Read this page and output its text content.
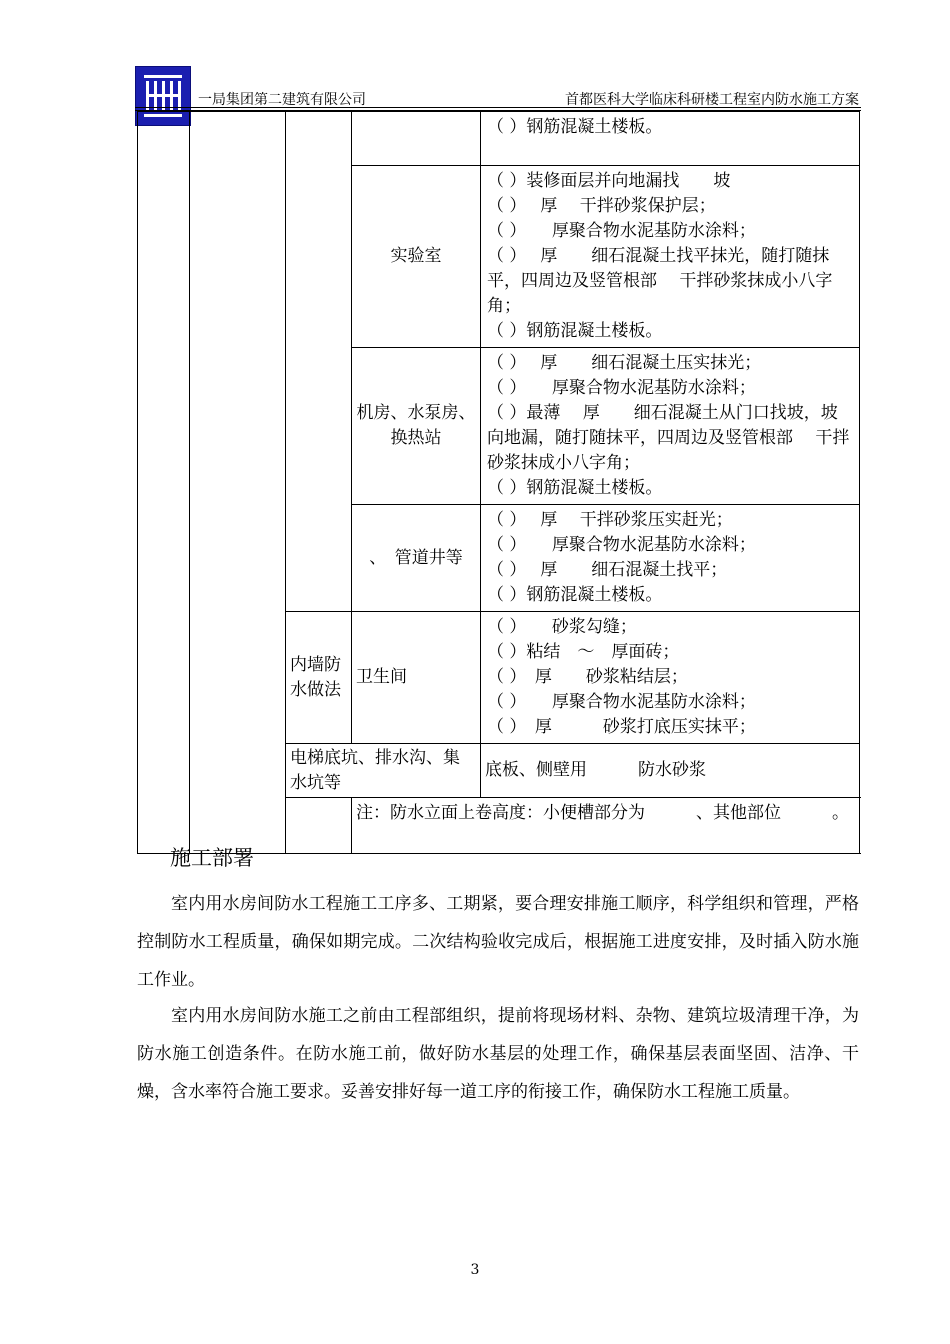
一局集团第二建筑有限公司	首都医科大学临床科研楼工程室内防水施工方案

				（ ）钢筋混凝土楼板。

			实验室	（ ）装修面层并向地漏找　　坡
（ ）　 厚　 干拌砂浆保护层；
（ ）　　厚聚合物水泥基防水涂料；
（ ）　 厚　　细石混凝土找平抹光，随打随抹平，四周边及竖管根部　 干拌砂浆抹成小八字角；
（ ）钢筋混凝土楼板。

			机房、水泵房、换热站	（ ）　 厚　　细石混凝土压实抹光；
（ ）　　厚聚合物水泥基防水涂料；
（ ）最薄　 厚　　细石混凝土从门口找坡，坡向地漏，随打随抹平，四周边及竖管根部　 干拌砂浆抹成小八字角；
（ ）钢筋混凝土楼板。

			、　管道井等	（ ）　 厚　 干拌砂浆压实赶光；
（ ）　　厚聚合物水泥基防水涂料；
（ ）　 厚　　细石混凝土找平；
（ ）钢筋混凝土楼板。

		内墙防水做法	卫生间	（ ）　　砂浆勾缝；
（ ）粘结　～　厚面砖；
（ ）　厚　　砂浆粘结层；
（ ）　　厚聚合物水泥基防水涂料；
（ ）　厚　　　砂浆打底压实抹平；

		电梯底坑、排水沟、集水坑等		底板、侧壁用　　　防水砂浆
			注：防水立面上卷高度：小便槽部分为　　　、其他部位　　　。	
施工部署

室内用水房间防水工程施工工序多、工期紧，要合理安排施工顺序，科学组织和管理，严格控制防水工程质量，确保如期完成。二次结构验收完成后，根据施工进度安排，及时插入防水施工作业。

室内用水房间防水施工之前由工程部组织，提前将现场材料、杂物、建筑垃圾清理干净，为防水施工创造条件。在防水施工前，做好防水基层的处理工作，确保基层表面坚固、洁净、干燥，含水率符合施工要求。妥善安排好每一道工序的衔接工作，确保防水工程施工质量。

3
